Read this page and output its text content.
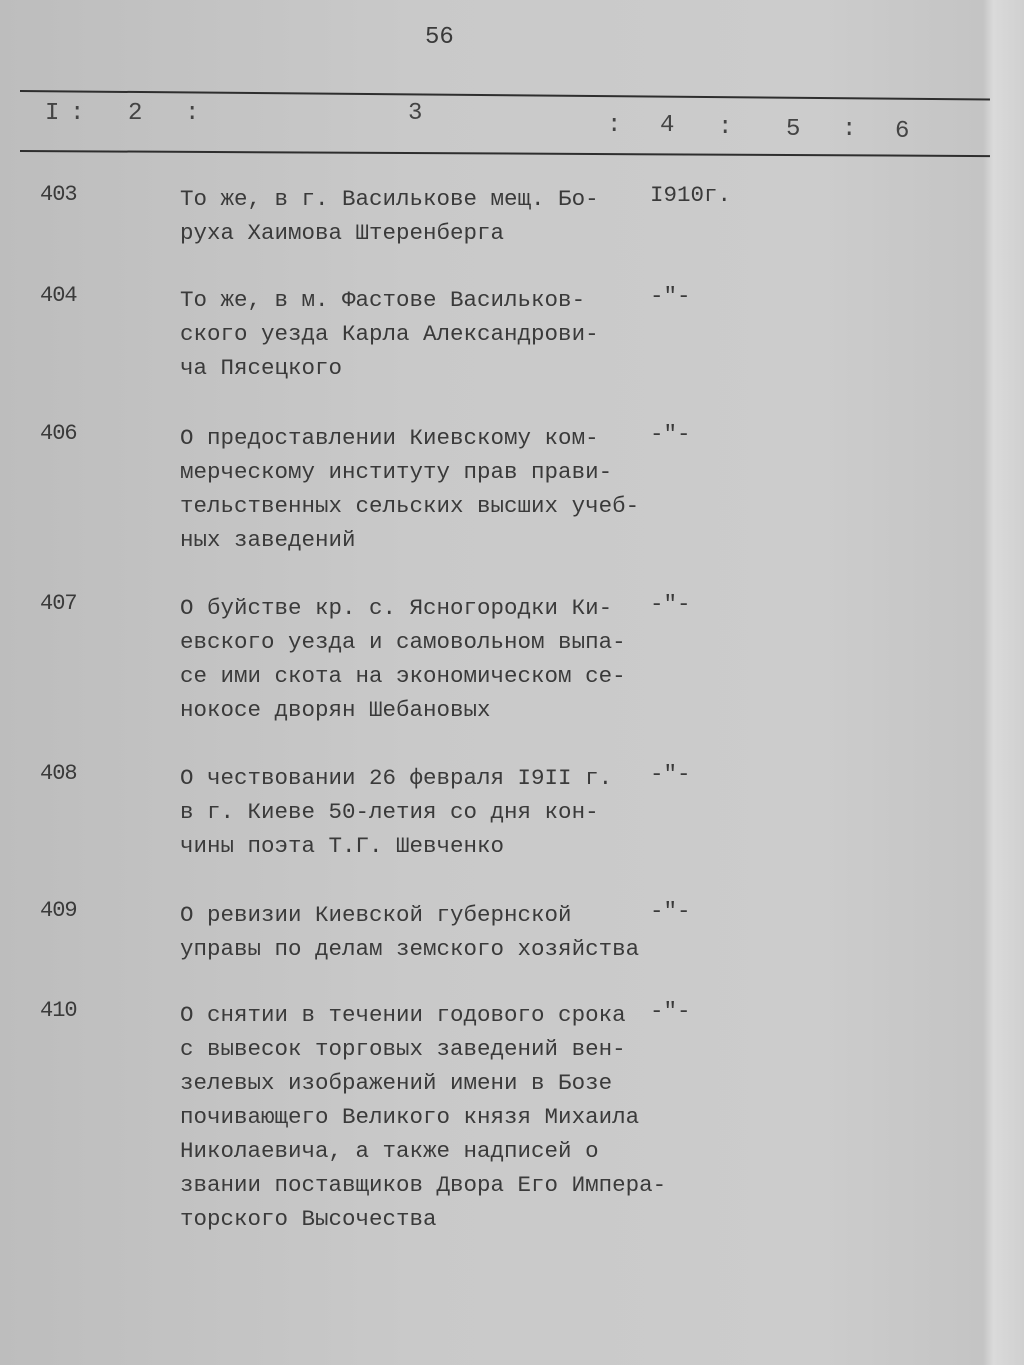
56
I : 2 :	3	: 4 : 5 : 6
403	То же, в г. Василькове мещ. Бо-
руха Хаимова Штеренберга
I910г.
404	То же, в м. Фастове Васильков-
ского уезда Карла Александрови-
ча Пясецкого
-"-
406	О предоставлении Киевскому ком-
мерческому институту прав прави-
тельственных сельских высших учеб-
ных заведений
-"-
407	О буйстве кр. с. Ясногородки Ки-
евского уезда и самовольном выпа-
се ими скота на экономическом се-
нокосе дворян Шебановых
-"-
408	О чествовании 26 февраля I9II г.
в г. Киеве 50-летия со дня кон-
чины поэта Т.Г. Шевченко
-"-
409	О ревизии Киевской губернской
управы по делам земского хозяйства
-"-
410	О снятии в течении годового срока
с вывесок торговых заведений вен-
зелевых изображений имени в Бозе
почивающего Великого князя Михаила
Николаевича, а также надписей о
звании поставщиков Двора Его Импера-
торского Высочества
-"-
